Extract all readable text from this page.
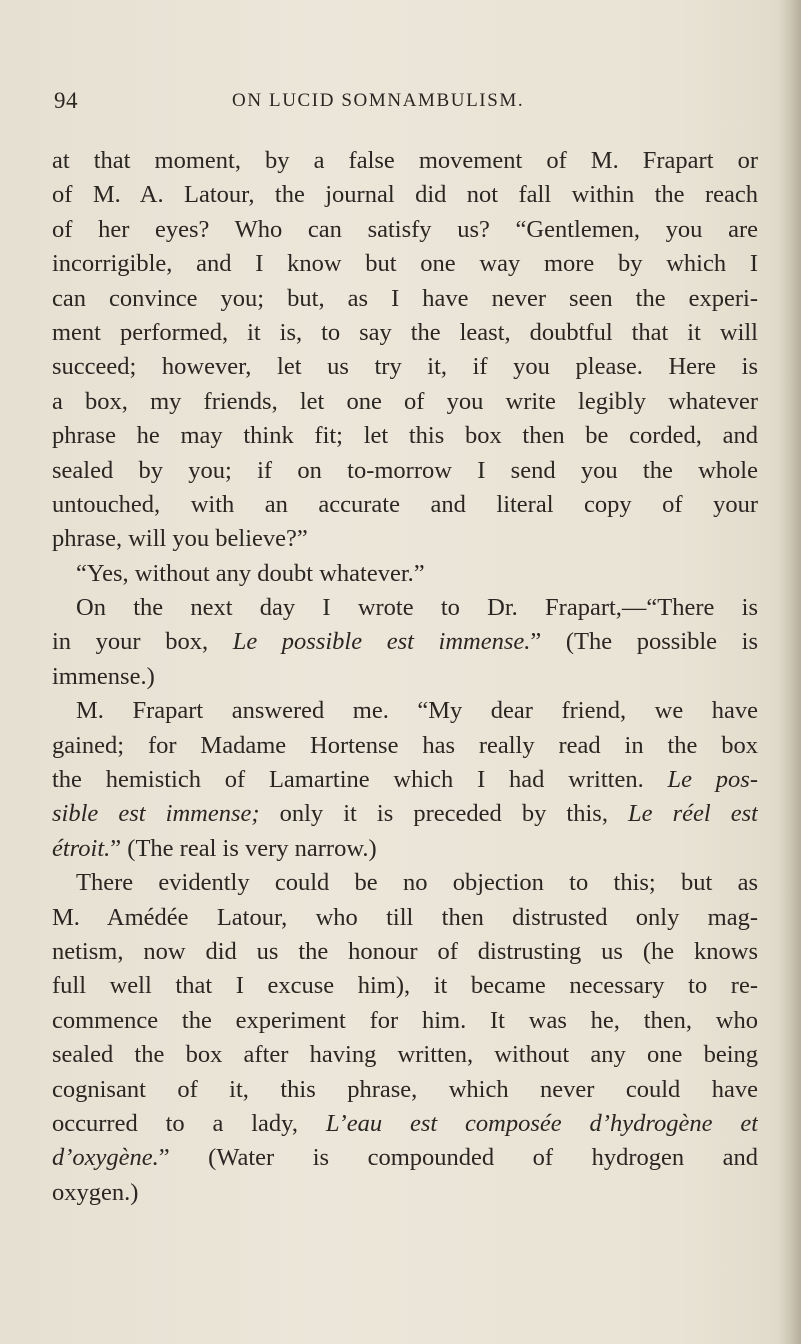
94	ON LUCID SOMNAMBULISM.
at that moment, by a false movement of M. Frapart or
of M. A. Latour, the journal did not fall within the reach
of her eyes? Who can satisfy us? “Gentlemen, you are
incorrigible, and I know but one way more by which I
can convince you; but, as I have never seen the experi-
ment performed, it is, to say the least, doubtful that it will
succeed; however, let us try it, if you please. Here is
a box, my friends, let one of you write legibly whatever
phrase he may think fit; let this box then be corded, and
sealed by you; if on to-morrow I send you the whole
untouched, with an accurate and literal copy of your
phrase, will you believe?”
“Yes, without any doubt whatever.”
On the next day I wrote to Dr. Frapart,—“There is
in your box, Le possible est immense.” (The possible is
immense.)
M. Frapart answered me. “My dear friend, we have
gained; for Madame Hortense has really read in the box
the hemistich of Lamartine which I had written. Le pos-
sible est immense; only it is preceded by this, Le réel est
étroit.” (The real is very narrow.)
There evidently could be no objection to this; but as
M. Amédée Latour, who till then distrusted only mag-
netism, now did us the honour of distrusting us (he knows
full well that I excuse him), it became necessary to re-
commence the experiment for him. It was he, then, who
sealed the box after having written, without any one being
cognisant of it, this phrase, which never could have
occurred to a lady, L’eau est composée d’hydrogène et
d’oxygène.” (Water is compounded of hydrogen and
oxygen.)
